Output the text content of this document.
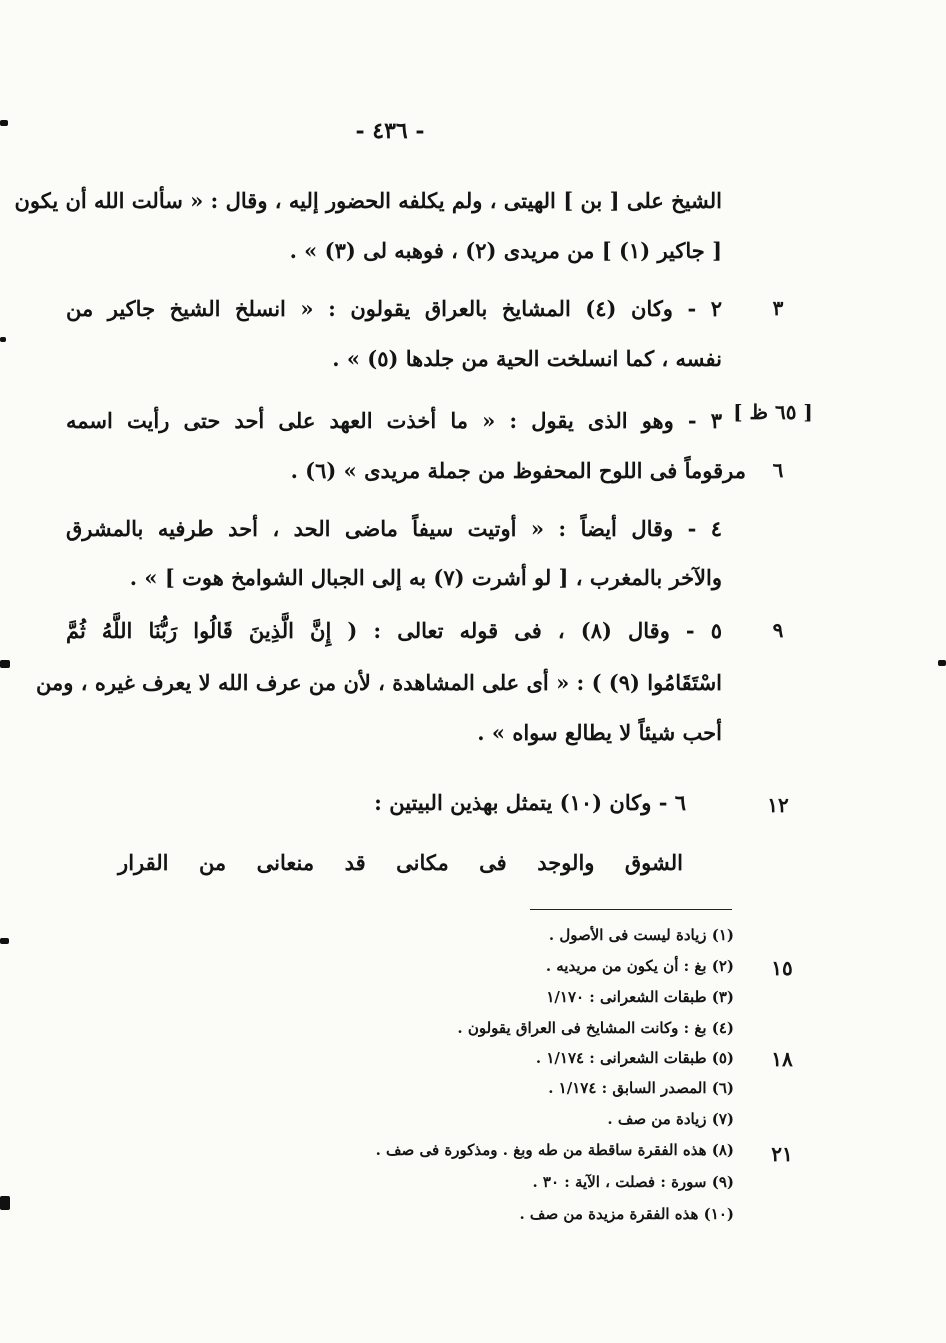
- ٤٣٦ -
الشيخ على [ بن ] الهيتى ، ولم يكلفه الحضور إليه ، وقال : « سألت الله أن يكون
[ جاكير (١) ] من مريدى (٢) ، فوهبه لى (٣) » .
٢ - وكان (٤) المشايخ بالعراق يقولون : « انسلخ الشيخ جاكير من
نفسه ، كما انسلخت الحية من جلدها (٥) » .
٣ - وهو الذى يقول : « ما أخذت العهد على أحد حتى رأيت اسمه
مرقوماً فى اللوح المحفوظ من جملة مريدى » (٦) .
٤ - وقال أيضاً : « أوتيت سيفاً ماضى الحد ، أحد طرفيه بالمشرق
والآخر بالمغرب ، [ لو أشرت (٧) به إلى الجبال الشوامخ هوت ] » .
٥ - وقال (٨) ، فى قوله تعالى : ( إِنَّ الَّذِينَ قَالُوا رَبُّنَا اللَّهُ ثُمَّ
اسْتَقَامُوا (٩) ) : « أى على المشاهدة ، لأن من عرف الله لا يعرف غيره ، ومن
أحب شيئاً لا يطالع سواه » .
٦ - وكان (١٠) يتمثل بهذين البيتين :
الشوق
والوجد
فى
مكانى
قد
منعانى
من
القرار
٣
٦
٩
١٢
١٥
١٨
٢١
[ ٦٥ ظ ]
(١) زيادة ليست فى الأصول .
(٢) بغ : أن يكون من مريديه .
(٣) طبقات الشعرانى : ١/١٧٠
(٤) بغ : وكانت المشايخ فى العراق يقولون .
(٥) طبقات الشعرانى : ١/١٧٤ .
(٦) المصدر السابق : ١/١٧٤ .
(٧) زيادة من صف .
(٨) هذه الفقرة ساقطة من طه وبغ . ومذكورة فى صف .
(٩) سورة : فصلت ، الآية : ٣٠ .
(١٠) هذه الفقرة مزيدة من صف .
